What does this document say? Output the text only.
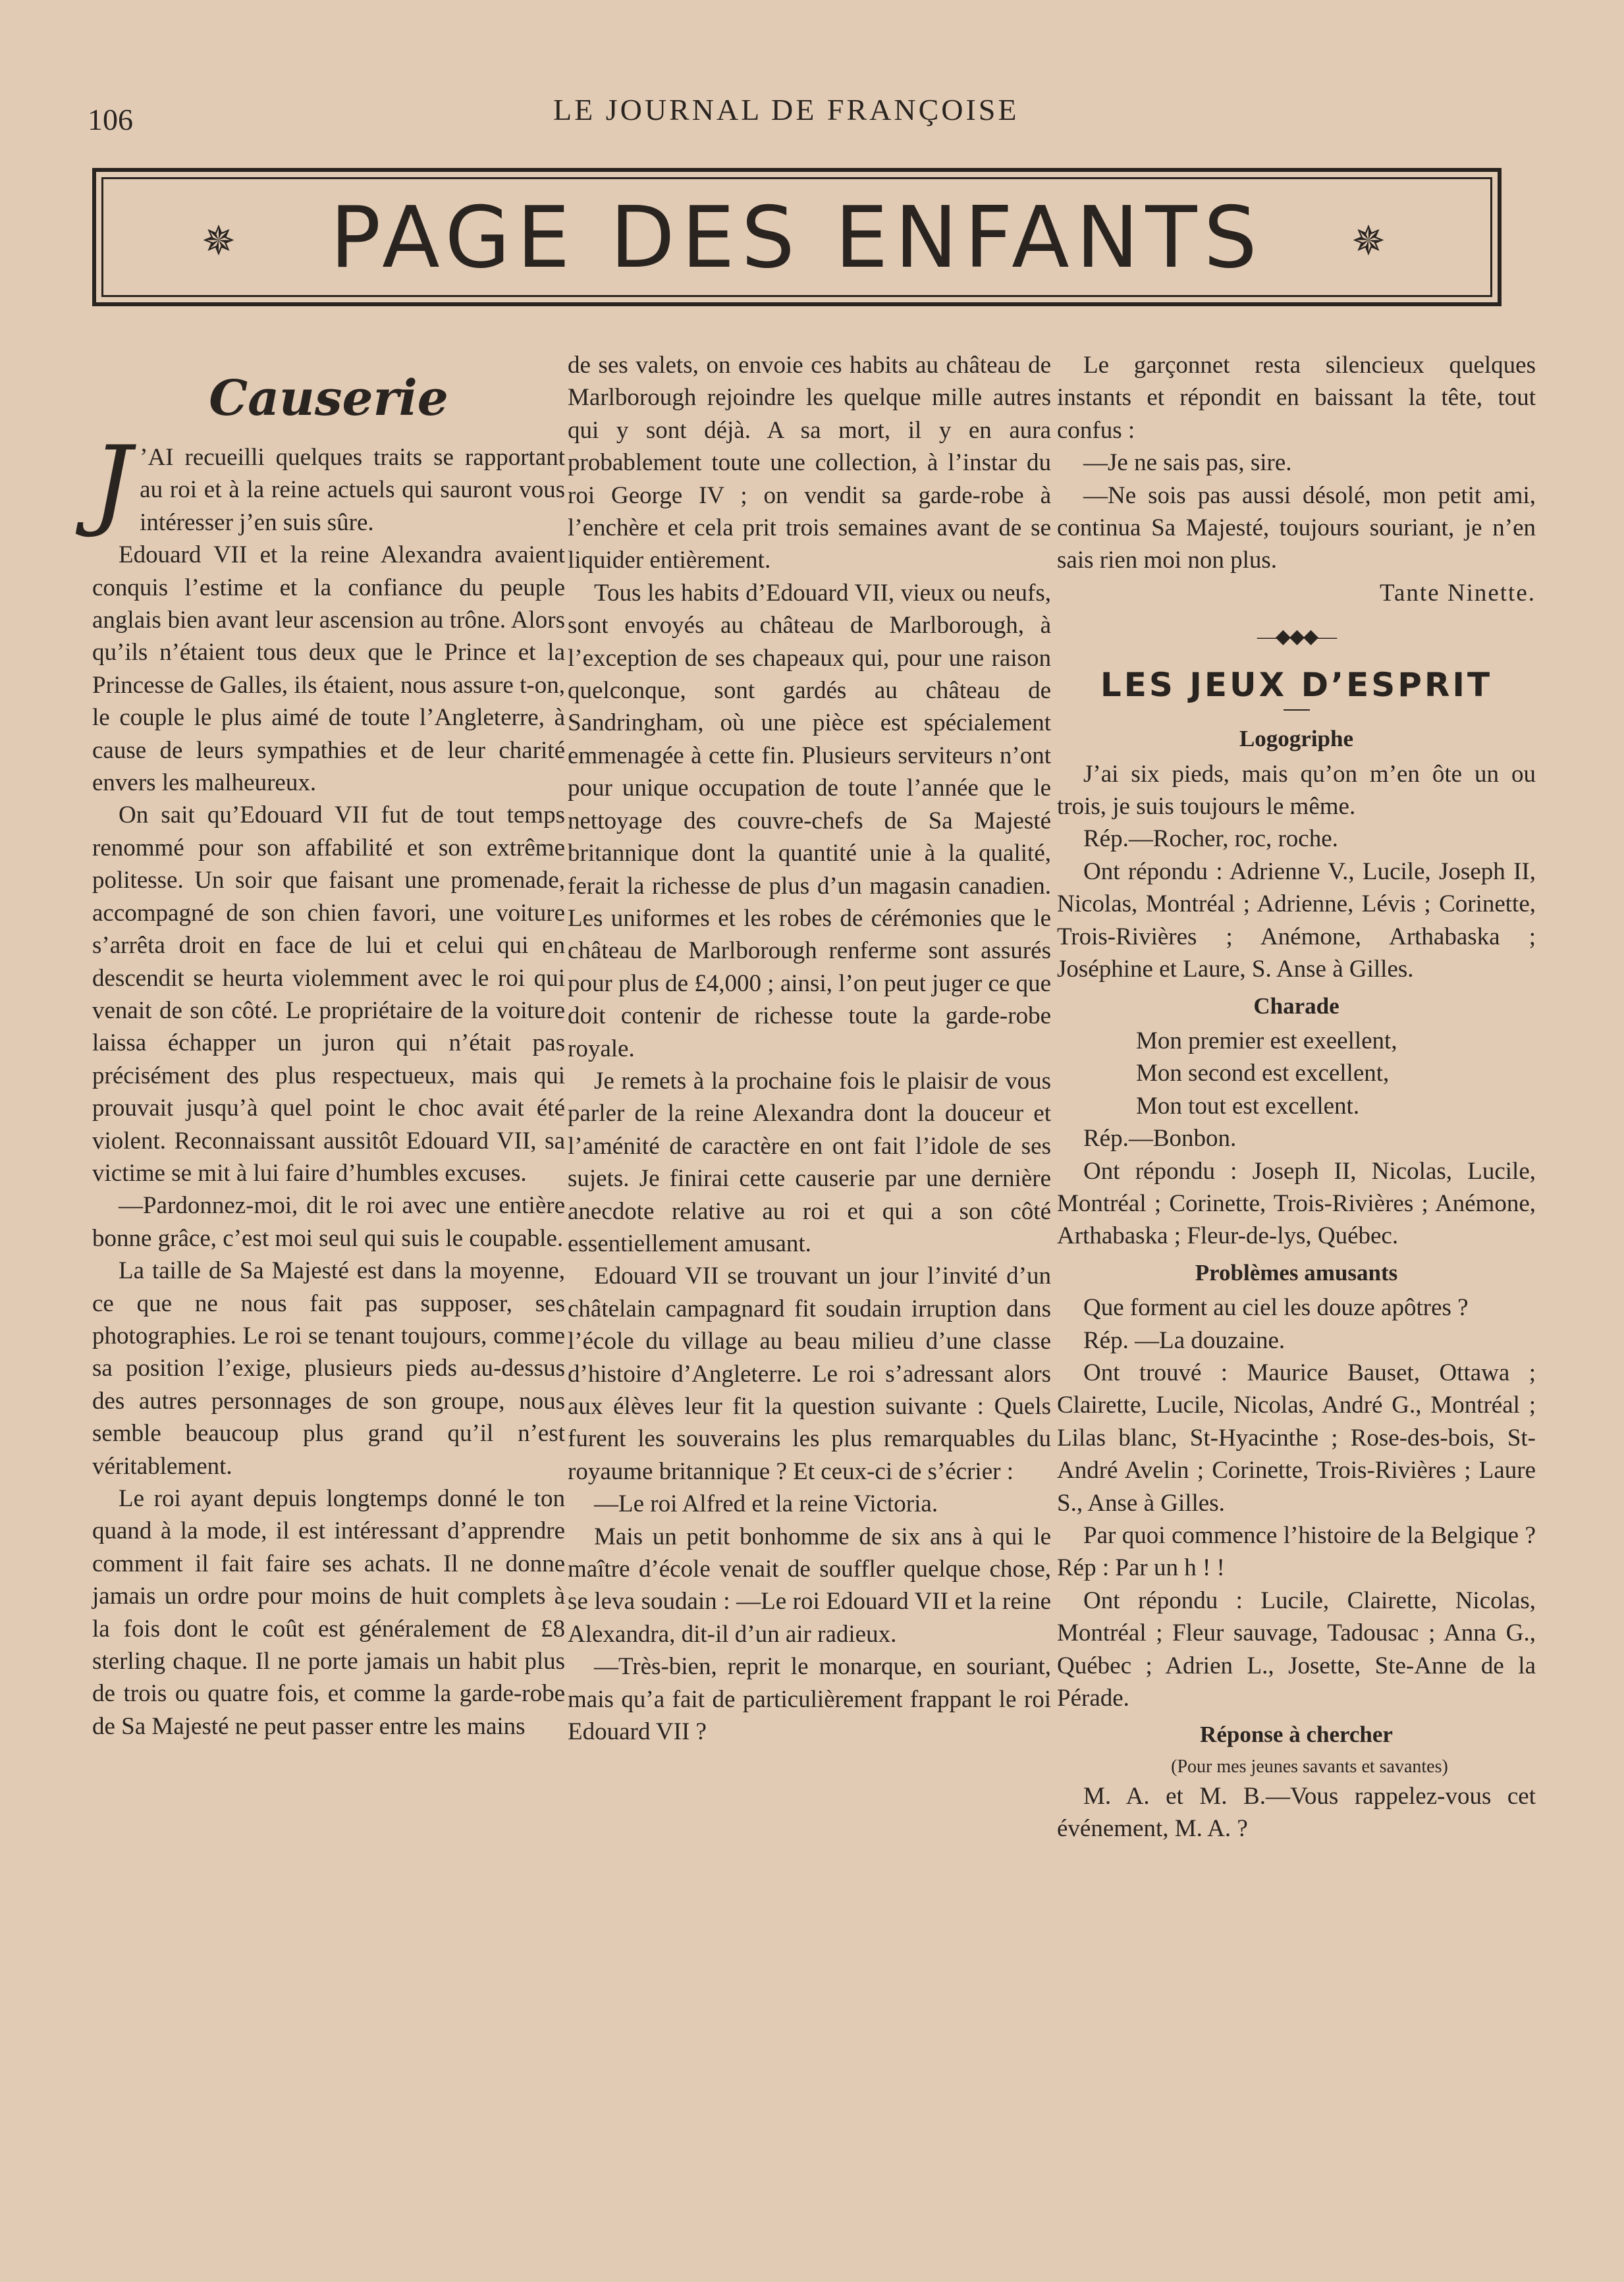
106	LE JOURNAL DE FRANÇOISE
✵	PAGE DES ENFANTS	✵
Causerie

J ’AI recueilli quelques traits se rapportant au roi et à la reine actuels qui sauront vous intéresser j’en suis sûre.

Edouard VII et la reine Alexandra avaient conquis l’estime et la confiance du peuple anglais bien avant leur ascension au trône. Alors qu’ils n’étaient tous deux que le Prince et la Princesse de Galles, ils étaient, nous assure t-on, le couple le plus aimé de toute l’Angleterre, à cause de leurs sympathies et de leur charité envers les malheureux.

On sait qu’Edouard VII fut de tout temps renommé pour son affabilité et son extrême politesse. Un soir que faisant une promenade, accompagné de son chien favori, une voiture s’arrêta droit en face de lui et celui qui en descendit se heurta violemment avec le roi qui venait de son côté. Le propriétaire de la voiture laissa échapper un juron qui n’était pas précisément des plus respectueux, mais qui prouvait jusqu’à quel point le choc avait été violent. Reconnaissant aussitôt Edouard VII, sa victime se mit à lui faire d’humbles excuses.

—Pardonnez-moi, dit le roi avec une entière bonne grâce, c’est moi seul qui suis le coupable.

La taille de Sa Majesté est dans la moyenne, ce que ne nous fait pas supposer, ses photographies. Le roi se tenant toujours, comme sa position l’exige, plusieurs pieds au-dessus des autres personnages de son groupe, nous semble beaucoup plus grand qu’il n’est véritablement.

Le roi ayant depuis longtemps donné le ton quand à la mode, il est intéressant d’apprendre comment il fait faire ses achats. Il ne donne jamais un ordre pour moins de huit complets à la fois dont le coût est généralement de £8 sterling chaque. Il ne porte jamais un habit plus de trois ou quatre fois, et comme la garde-robe de Sa Majesté ne peut passer entre les mains

de ses valets, on envoie ces habits au château de Marlborough rejoindre les quelque mille autres qui y sont déjà. A sa mort, il y en aura probablement toute une collection, à l’instar du roi George IV ; on vendit sa garde-robe à l’enchère et cela prit trois semaines avant de se liquider entièrement.

Tous les habits d’Edouard VII, vieux ou neufs, sont envoyés au château de Marlborough, à l’exception de ses chapeaux qui, pour une raison quelconque, sont gardés au château de Sandringham, où une pièce est spécialement emmenagée à cette fin. Plusieurs serviteurs n’ont pour unique occupation de toute l’année que le nettoyage des couvre-chefs de Sa Majesté britannique dont la quantité unie à la qualité, ferait la richesse de plus d’un magasin canadien. Les uniformes et les robes de cérémonies que le château de Marlborough renferme sont assurés pour plus de £4,000 ; ainsi, l’on peut juger ce que doit contenir de richesse toute la garde-robe royale.

Je remets à la prochaine fois le plaisir de vous parler de la reine Alexandra dont la douceur et l’aménité de caractère en ont fait l’idole de ses sujets. Je finirai cette causerie par une dernière anecdote relative au roi et qui a son côté essentiellement amusant.

Edouard VII se trouvant un jour l’invité d’un châtelain campagnard fit soudain irruption dans l’école du village au beau milieu d’une classe d’histoire d’Angleterre. Le roi s’adressant alors aux élèves leur fit la question suivante : Quels furent les souverains les plus remarquables du royaume britannique ? Et ceux-ci de s’écrier :

—Le roi Alfred et la reine Victoria.

Mais un petit bonhomme de six ans à qui le maître d’école venait de souffler quelque chose, se leva soudain : —Le roi Edouard VII et la reine Alexandra, dit-il d’un air radieux.

—Très-bien, reprit le monarque, en souriant, mais qu’a fait de particulièrement frappant le roi Edouard VII ?

Le garçonnet resta silencieux quelques instants et répondit en baissant la tête, tout confus :

—Je ne sais pas, sire.

—Ne sois pas aussi désolé, mon petit ami, continua Sa Majesté, toujours souriant, je n’en sais rien moi non plus.

Tante Ninette.

—◆◆◆—
LES JEUX D’ESPRIT
Logogriphe

J’ai six pieds, mais qu’on m’en ôte un ou trois, je suis toujours le même.

Rép.—Rocher, roc, roche.

Ont répondu : Adrienne V., Lucile, Joseph II, Nicolas, Montréal ; Adrienne, Lévis ; Corinette, Trois-Rivières ; Anémone, Arthabaska ; Joséphine et Laure, S. Anse à Gilles.

Charade

Mon premier est exeellent,

Mon second est excellent,

Mon tout est excellent.

Rép.—Bonbon.

Ont répondu : Joseph II, Nicolas, Lucile, Montréal ; Corinette, Trois-Rivières ; Anémone, Arthabaska ; Fleur-de-lys, Québec.

Problèmes amusants

Que forment au ciel les douze apôtres ?

Rép. —La douzaine.

Ont trouvé : Maurice Bauset, Ottawa ; Clairette, Lucile, Nicolas, André G., Montréal ; Lilas blanc, St-Hyacinthe ; Rose-des-bois, St-André Avelin ; Corinette, Trois-Rivières ; Laure S., Anse à Gilles.

Par quoi commence l’histoire de la Belgique ? Rép : Par un h ! !

Ont répondu : Lucile, Clairette, Nicolas, Montréal ; Fleur sauvage, Tadousac ; Anna G., Québec ; Adrien L., Josette, Ste-Anne de la Pérade.

Réponse à chercher

(Pour mes jeunes savants et savantes)

M. A. et M. B.—Vous rappelez-vous cet événement, M. A. ?
